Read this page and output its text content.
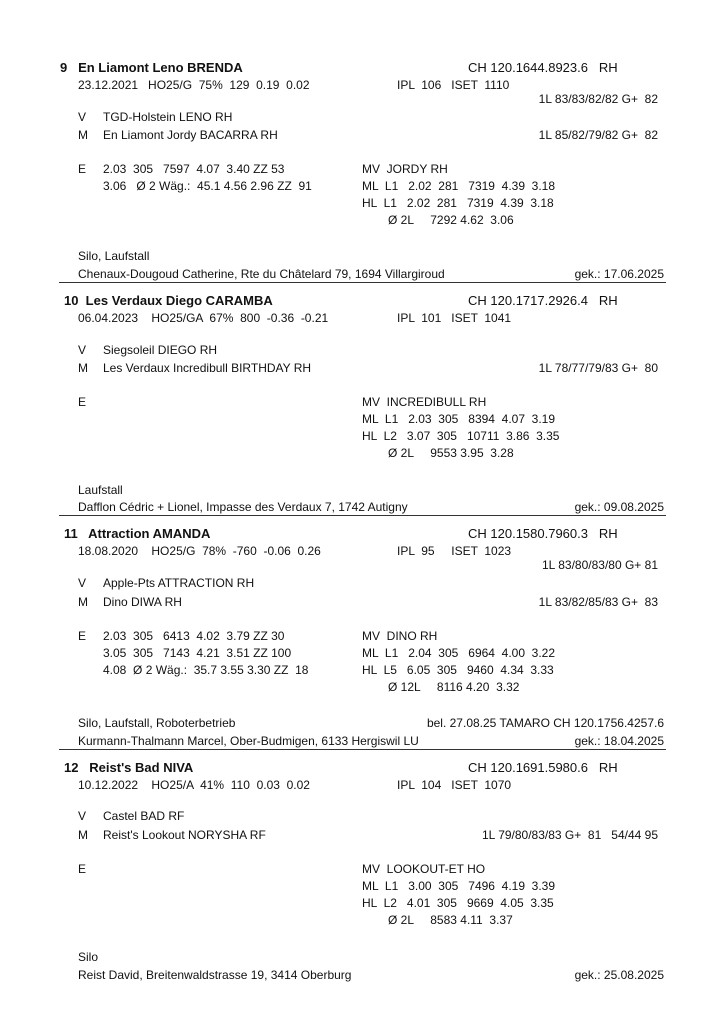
9   En Liamont Leno BRENDA	CH 120.1644.8923.6   RH
23.12.2021   HO25/G  75%  129  0.19  0.02	IPL  106   ISET  1110
1L 83/83/82/82 G+  82
V TGD-Holstein LENO RH
M En Liamont Jordy BACARRA RH	1L 85/82/79/82 G+  82
E 2.03  305   7597  4.07  3.40 ZZ 53
3.06   Ø 2 Wäg.:  45.1 4.56 2.96 ZZ  91
MV  JORDY RH
ML  L1   2.02  281   7319  4.39  3.18
HL  L1   2.02  281   7319  4.39  3.18
Ø 2L     7292 4.62  3.06
Silo, Laufstall
Chenaux-Dougoud Catherine, Rte du Châtelard 79, 1694 Villargiroud	gek.: 17.06.2025
10  Les Verdaux Diego CARAMBA	CH 120.1717.2926.4   RH
06.04.2023    HO25/GA  67%  800  -0.36  -0.21	IPL  101   ISET  1041
V Siegsoleil DIEGO RH
M Les Verdaux Incredibull BIRTHDAY RH	1L 78/77/79/83 G+  80
E	MV  INCREDIBULL RH
ML  L1   2.03  305   8394  4.07  3.19
HL  L2   3.07  305   10711  3.86  3.35
Ø 2L     9553 3.95  3.28
Laufstall
Dafflon Cédric + Lionel, Impasse des Verdaux 7, 1742 Autigny	gek.: 09.08.2025
11   Attraction AMANDA	CH 120.1580.7960.3   RH
18.08.2020    HO25/G  78%  -760  -0.06  0.26	IPL  95     ISET  1023
1L 83/80/83/80 G+ 81
V Apple-Pts ATTRACTION RH
M Dino DIWA RH	1L 83/82/85/83 G+  83
E 2.03  305   6413  4.02  3.79 ZZ 30
3.05  305   7143  4.21  3.51 ZZ 100
4.08  Ø 2 Wäg.:  35.7 3.55 3.30 ZZ  18
MV  DINO RH
ML  L1   2.04  305   6964  4.00  3.22
HL  L5   6.05  305   9460  4.34  3.33
Ø 12L     8116 4.20  3.32
Silo, Laufstall, Roboterbetrieb	bel. 27.08.25 TAMARO CH 120.1756.4257.6
Kurmann-Thalmann Marcel, Ober-Budmigen, 6133 Hergiswil LU	gek.: 18.04.2025
12   Reist's Bad NIVA	CH 120.1691.5980.6   RH
10.12.2022    HO25/A  41%  110  0.03  0.02	IPL  104   ISET  1070
V Castel BAD RF
M Reist's Lookout NORYSHA RF	1L 79/80/83/83 G+  81   54/44 95
E	MV  LOOKOUT-ET HO
ML  L1   3.00  305   7496  4.19  3.39
HL  L2   4.01  305   9669  4.05  3.35
Ø 2L     8583 4.11  3.37
Silo
Reist David, Breitenwaldstrasse 19, 3414 Oberburg	gek.: 25.08.2025
